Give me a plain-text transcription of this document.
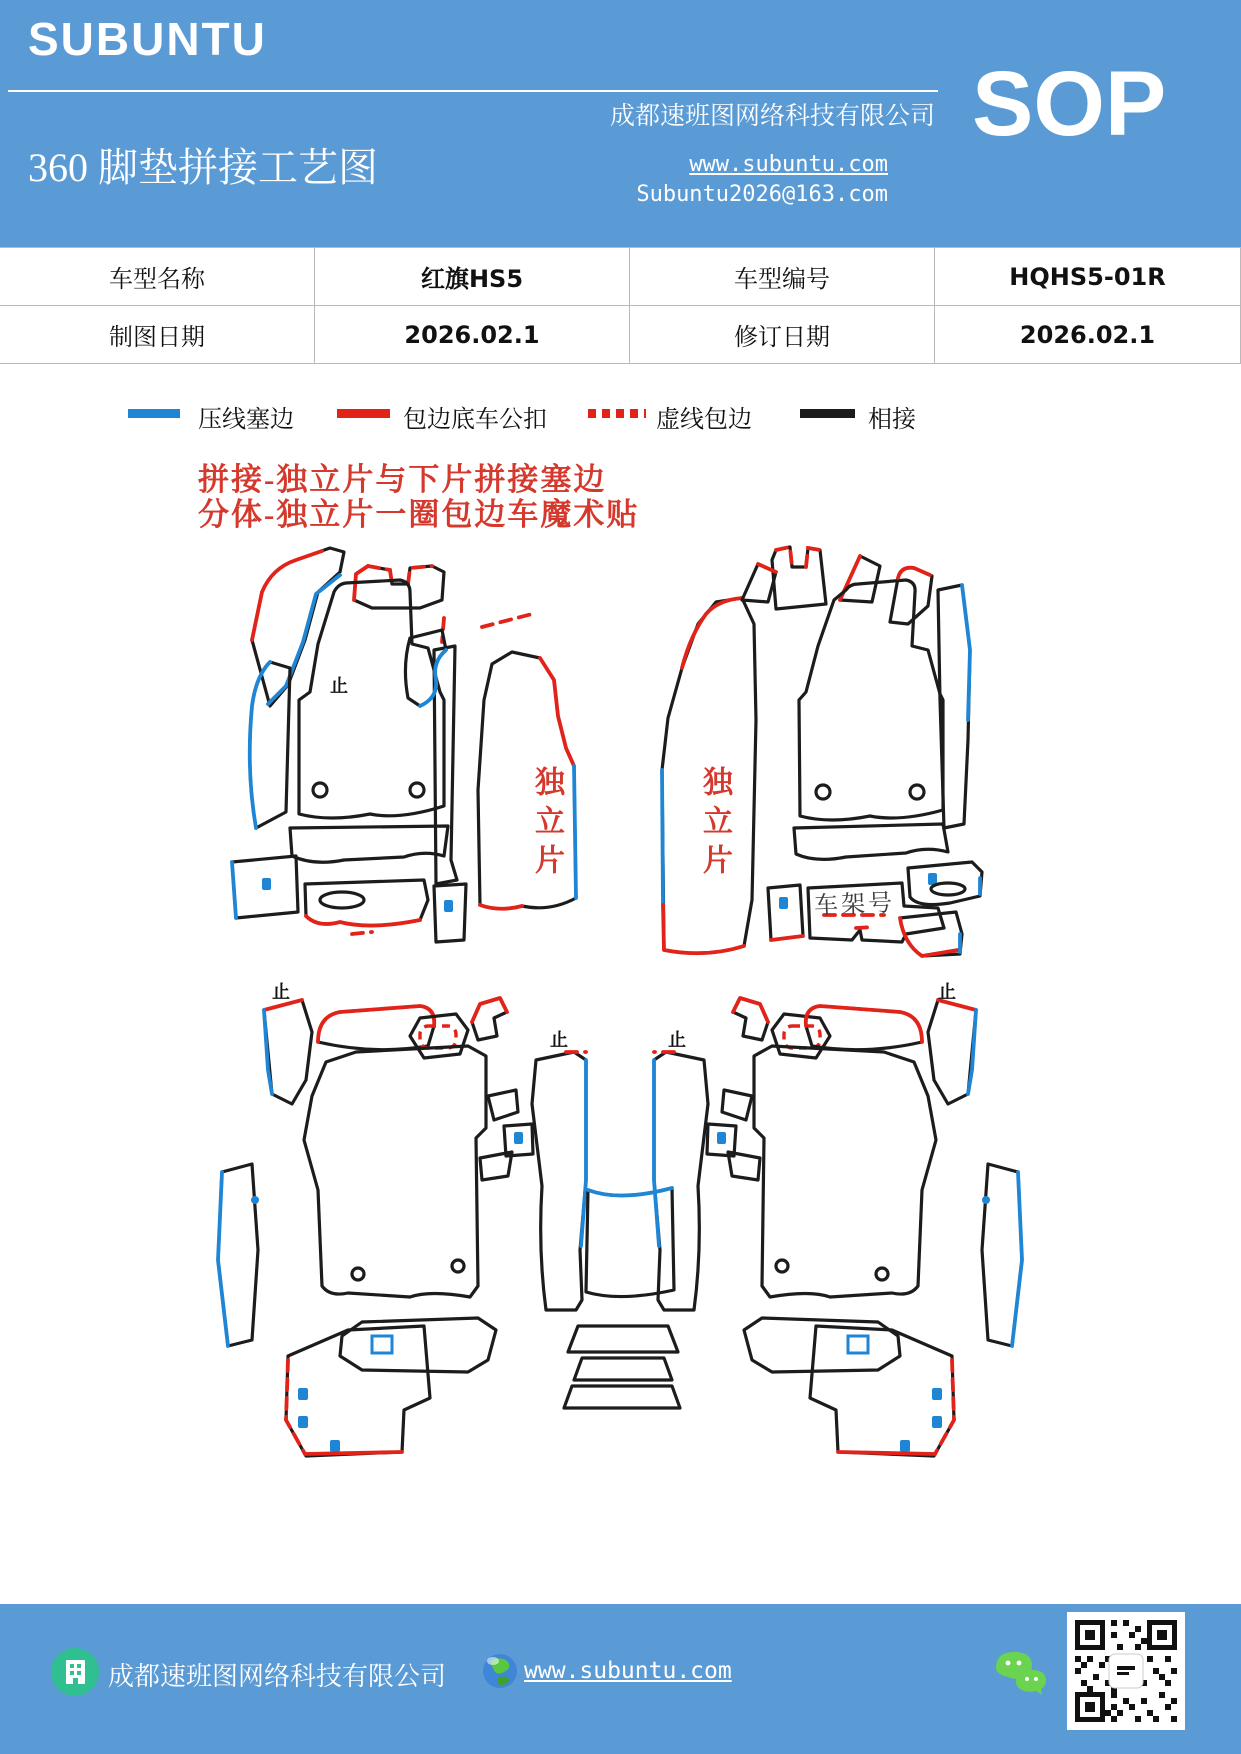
SUBUNTU
成都速班图网络科技有限公司 SOP
360 脚垫拼接工艺图	www.subuntu.com
Subuntu2026@163.com
车型名称	红旗HS5	车型编号	HQHS5-01R
制图日期	2026.02.1	修订日期	2026.02.1
压线塞边	包边底车公扣	虚线包边	相接
拼接-独立片与下片拼接塞边
分体-独立片一圈包边车魔术贴
独立片	独立片
车架号
止
止
止	止
止
成都速班图网络科技有限公司	www.subuntu.com
